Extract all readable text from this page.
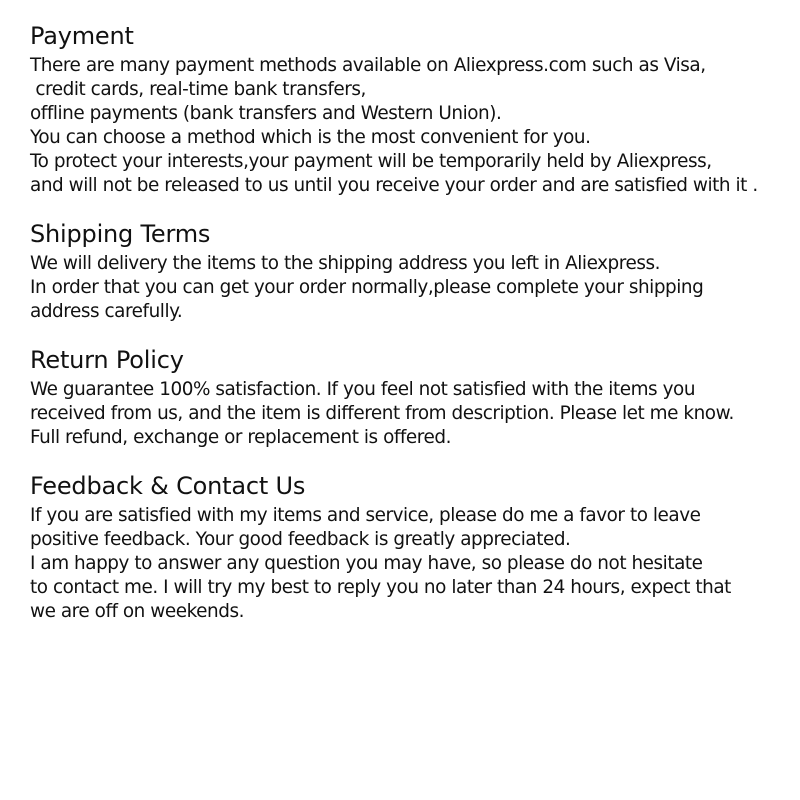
Payment

There are many payment methods available on Aliexpress.com such as Visa,

credit cards, real-time bank transfers,

offline payments (bank transfers and Western Union).

You can choose a method which is the most convenient for you.

To protect your interests,your payment will be temporarily held by Aliexpress,

and will not be released to us until you receive your order and are satisfied with it .

Shipping Terms

We will delivery the items to the shipping address you left in Aliexpress.

In order that you can get your order normally,please complete your shipping

address carefully.

Return Policy

We guarantee 100% satisfaction. If you feel not satisfied with the items you

received from us, and the item is different from description. Please let me know.

Full refund, exchange or replacement is offered.

Feedback & Contact Us

If you are satisfied with my items and service, please do me a favor to leave

positive feedback. Your good feedback is greatly appreciated.

I am happy to answer any question you may have, so please do not hesitate

to contact me. I will try my best to reply you no later than 24 hours, expect that

we are off on weekends.
